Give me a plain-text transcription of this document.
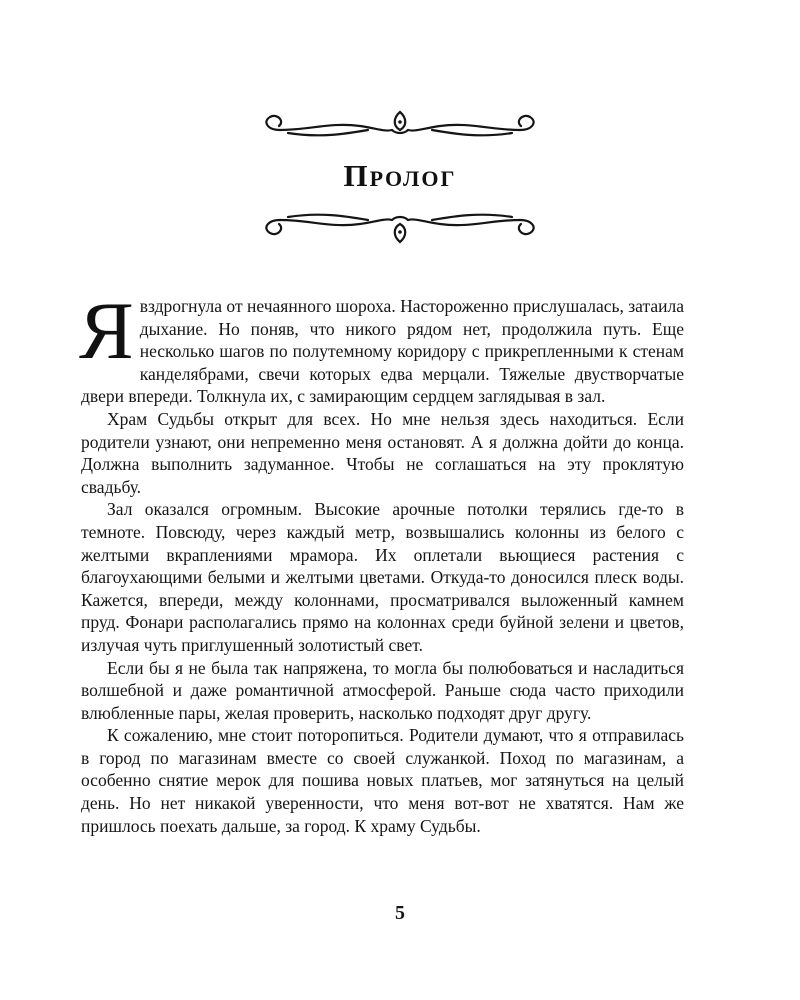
Пролог

Я вздрогнула от нечаянного шороха. Настороженно прислушалась, затаила дыхание. Но поняв, что никого рядом нет, продолжила путь. Еще несколько шагов по полутемному коридору с прикрепленными к стенам канделябрами, свечи которых едва мерцали. Тяжелые двустворчатые двери впереди. Толкнула их, с замирающим сердцем заглядывая в зал.

Храм Судьбы открыт для всех. Но мне нельзя здесь находиться. Если родители узнают, они непременно меня остановят. А я должна дойти до конца. Должна выполнить задуманное. Чтобы не соглашаться на эту проклятую свадьбу.

Зал оказался огромным. Высокие арочные потолки терялись где-то в темноте. Повсюду, через каждый метр, возвышались колонны из белого с желтыми вкраплениями мрамора. Их оплетали вьющиеся растения с благоухающими белыми и желтыми цветами. Откуда-то доносился плеск воды. Кажется, впереди, между колоннами, просматривался выложенный камнем пруд. Фонари располагались прямо на колоннах среди буйной зелени и цветов, излучая чуть приглушенный золотистый свет.

Если бы я не была так напряжена, то могла бы полюбоваться и насладиться волшебной и даже романтичной атмосферой. Раньше сюда часто приходили влюбленные пары, желая проверить, насколько подходят друг другу.

К сожалению, мне стоит поторопиться. Родители думают, что я отправилась в город по магазинам вместе со своей служанкой. Поход по магазинам, а особенно снятие мерок для пошива новых платьев, мог затянуться на целый день. Но нет никакой уверенности, что меня вот-вот не хватятся. Нам же пришлось поехать дальше, за город. К храму Судьбы.

5
